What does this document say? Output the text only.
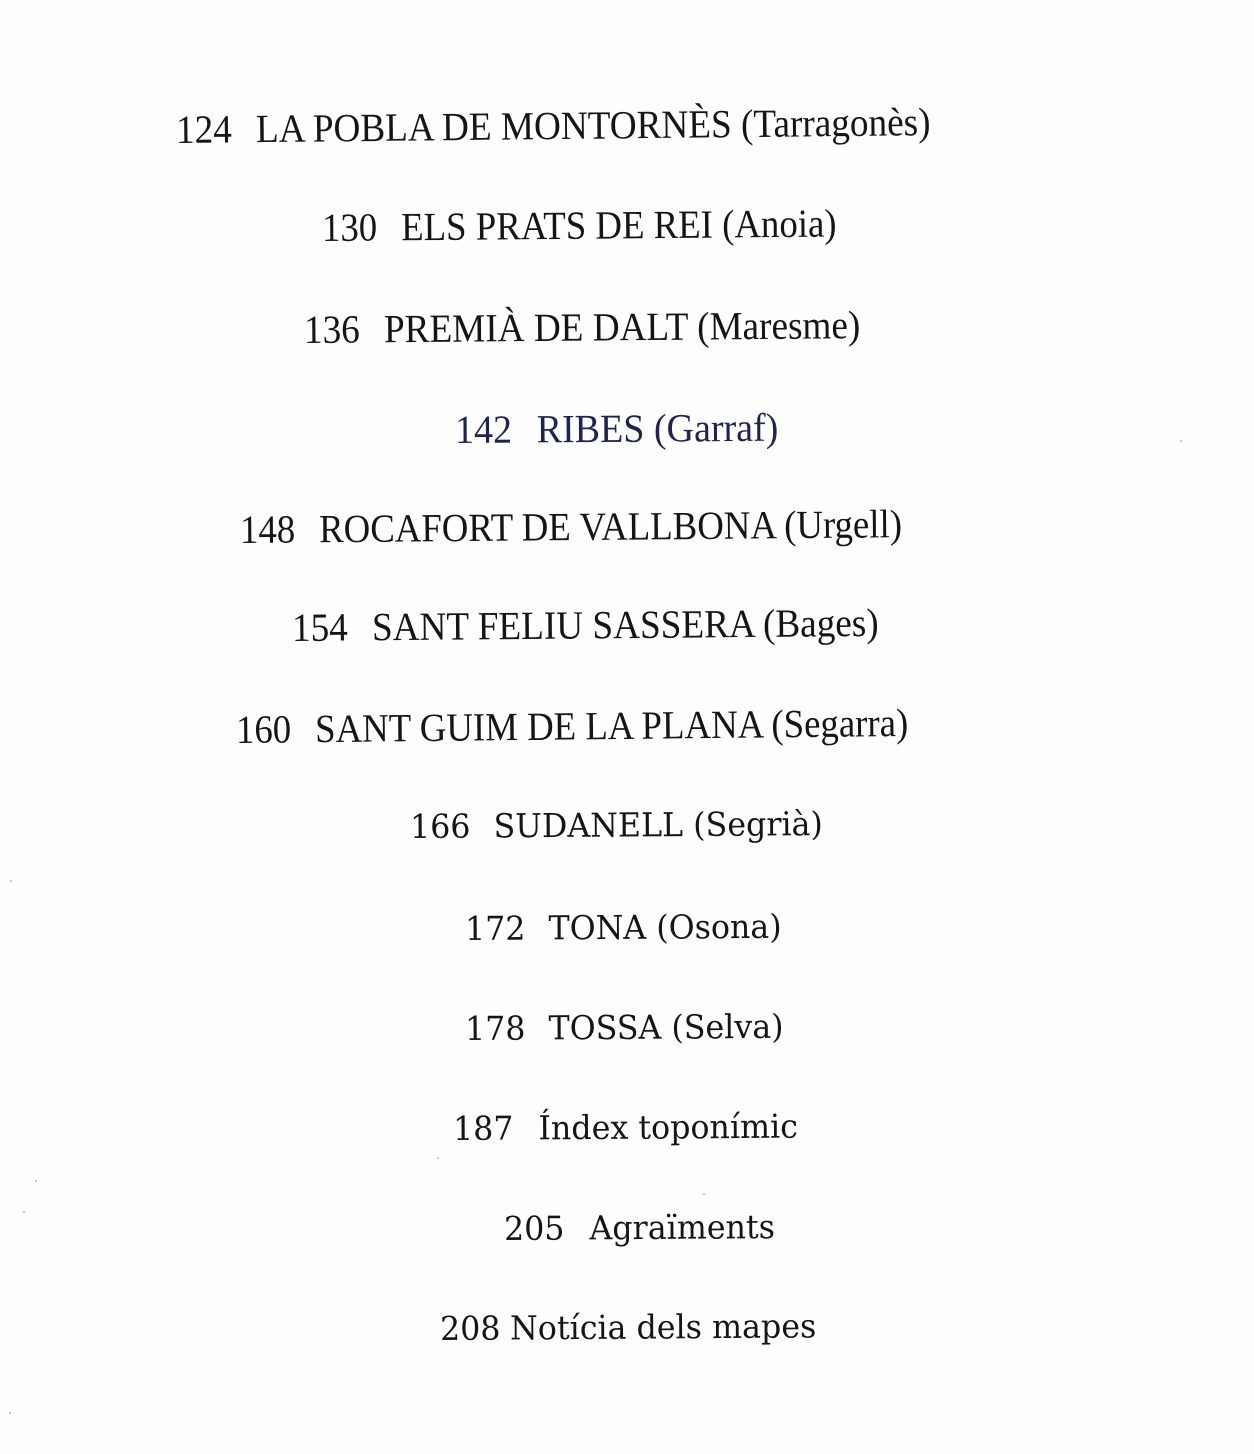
124 LA POBLA DE MONTORNÈS (Tarragonès)
130 ELS PRATS DE REI (Anoia)
136 PREMIÀ DE DALT (Maresme)
142 RIBES (Garraf)
148 ROCAFORT DE VALLBONA (Urgell)
154 SANT FELIU SASSERA (Bages)
160 SANT GUIM DE LA PLANA (Segarra)
166 SUDANELL (Segrià)
172 TONA (Osona)
178 TOSSA (Selva)
187 Índex toponímic
205 Agraïments
208 Notícia dels mapes
